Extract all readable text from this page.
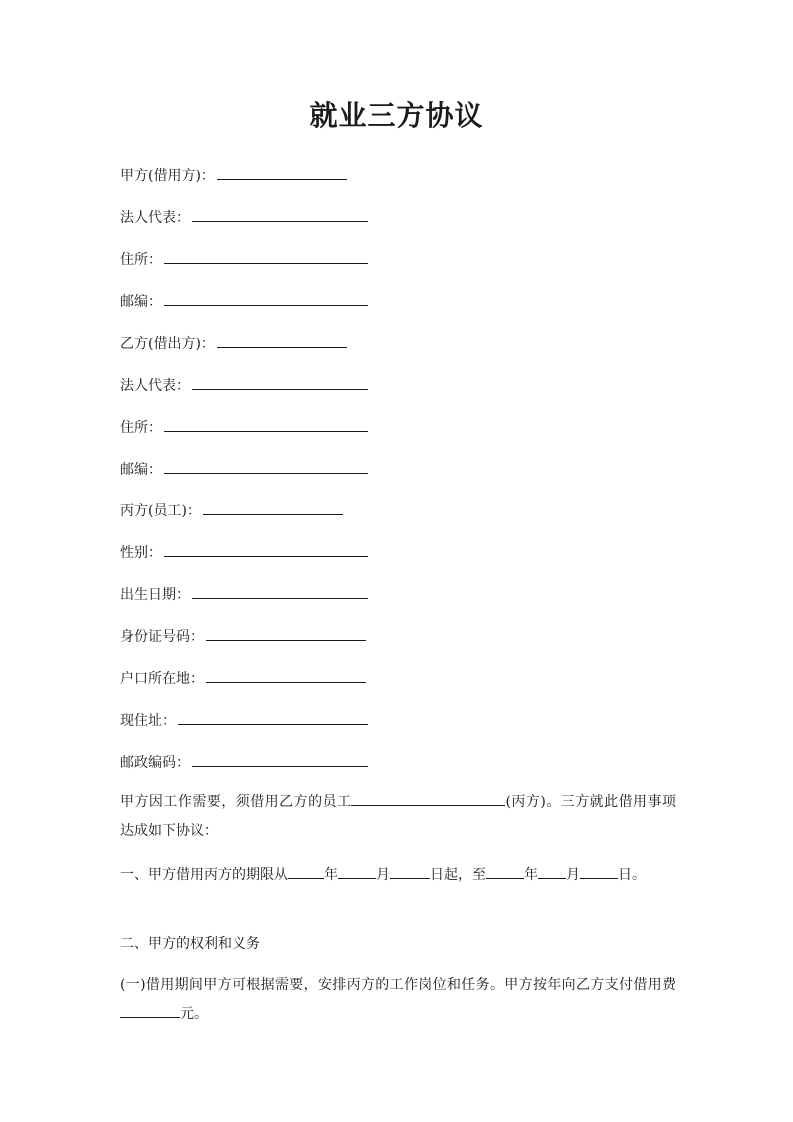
就业三方协议
甲方(借用方)：
法人代表：
住所：
邮编：
乙方(借出方)：
法人代表：
住所：
邮编：
丙方(员工)：
性别：
出生日期：
身份证号码：
户口所在地：
现住址：
邮政编码：
甲方因工作需要，须借用乙方的员工	(丙方)。三方就此借用事项达成如下协议：
一、甲方借用丙方的期限从	年	月	日起，至	年 月	日。
二、甲方的权利和义务
(一)借用期间甲方可根据需要，安排丙方的工作岗位和任务。甲方按年向乙方支付借用费元。
